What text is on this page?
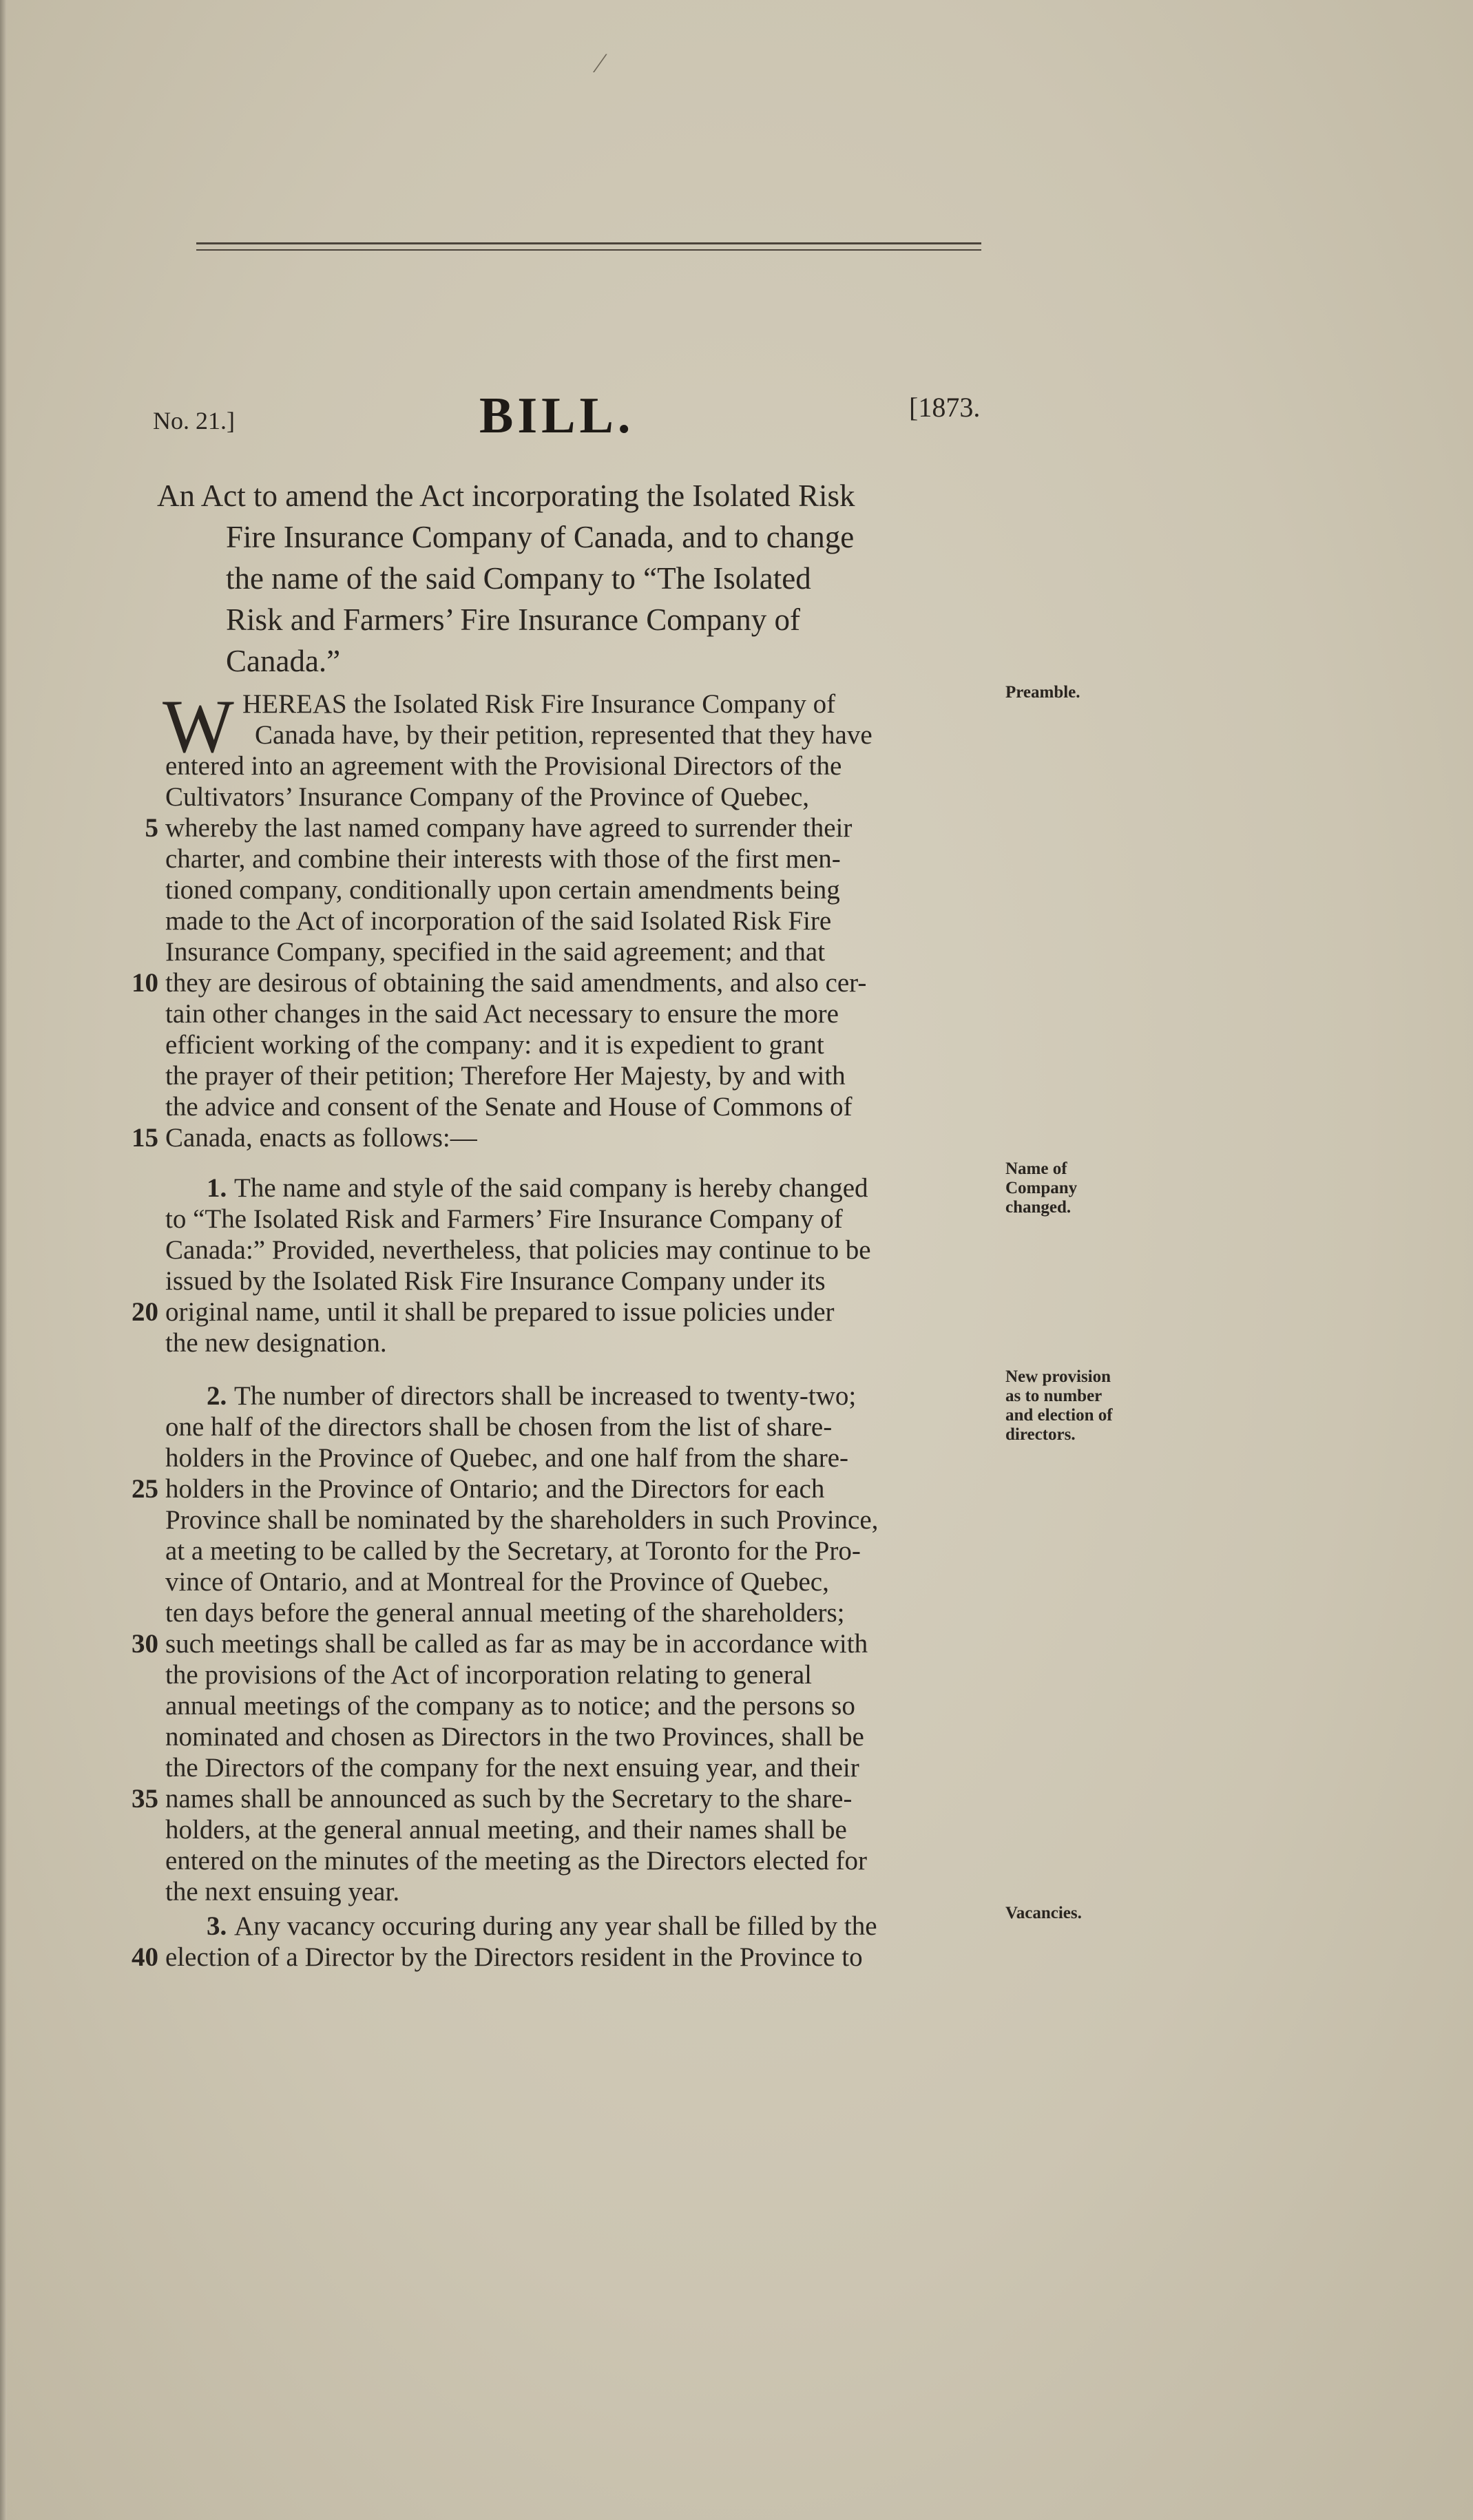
⁄
No. 21.]	BILL.	[1873.
An Act to amend the Act incorporating the Isolated Risk
Fire Insurance Company of Canada, and to change
the name of the said Company to “The Isolated
Risk and Farmers’ Fire Insurance Company of
Canada.”
W	Preamble.
HEREAS the Isolated Risk Fire Insurance Company of
Canada have, by their petition, represented that they have
entered into an agreement with the Provisional Directors of the
Cultivators’ Insurance Company of the Province of Quebec,
5 whereby the last named company have agreed to surrender their
charter, and combine their interests with those of the first men-
tioned company, conditionally upon certain amendments being
made to the Act of incorporation of the said Isolated Risk Fire
Insurance Company, specified in the said agreement; and that
10 they are desirous of obtaining the said amendments, and also cer-
tain other changes in the said Act necessary to ensure the more
efficient working of the company: and it is expedient to grant
the prayer of their petition; Therefore Her Majesty, by and with
the advice and consent of the Senate and House of Commons of
15 Canada, enacts as follows:—
Name of
Company
changed.
1. The name and style of the said company is hereby changed
to “The Isolated Risk and Farmers’ Fire Insurance Company of
Canada:” Provided, nevertheless, that policies may continue to be
issued by the Isolated Risk Fire Insurance Company under its
20 original name, until it shall be prepared to issue policies under
the new designation.
New provision
as to number
and election of
directors.
2. The number of directors shall be increased to twenty-two;
one half of the directors shall be chosen from the list of share-
holders in the Province of Quebec, and one half from the share-
25 holders in the Province of Ontario; and the Directors for each
Province shall be nominated by the shareholders in such Province,
at a meeting to be called by the Secretary, at Toronto for the Pro-
vince of Ontario, and at Montreal for the Province of Quebec,
ten days before the general annual meeting of the shareholders;
30 such meetings shall be called as far as may be in accordance with
the provisions of the Act of incorporation relating to general
annual meetings of the company as to notice; and the persons so
nominated and chosen as Directors in the two Provinces, shall be
the Directors of the company for the next ensuing year, and their
35 names shall be announced as such by the Secretary to the share-
holders, at the general annual meeting, and their names shall be
entered on the minutes of the meeting as the Directors elected for
the next ensuing year.
Vacancies.
3. Any vacancy occuring during any year shall be filled by the
40 election of a Director by the Directors resident in the Province to
